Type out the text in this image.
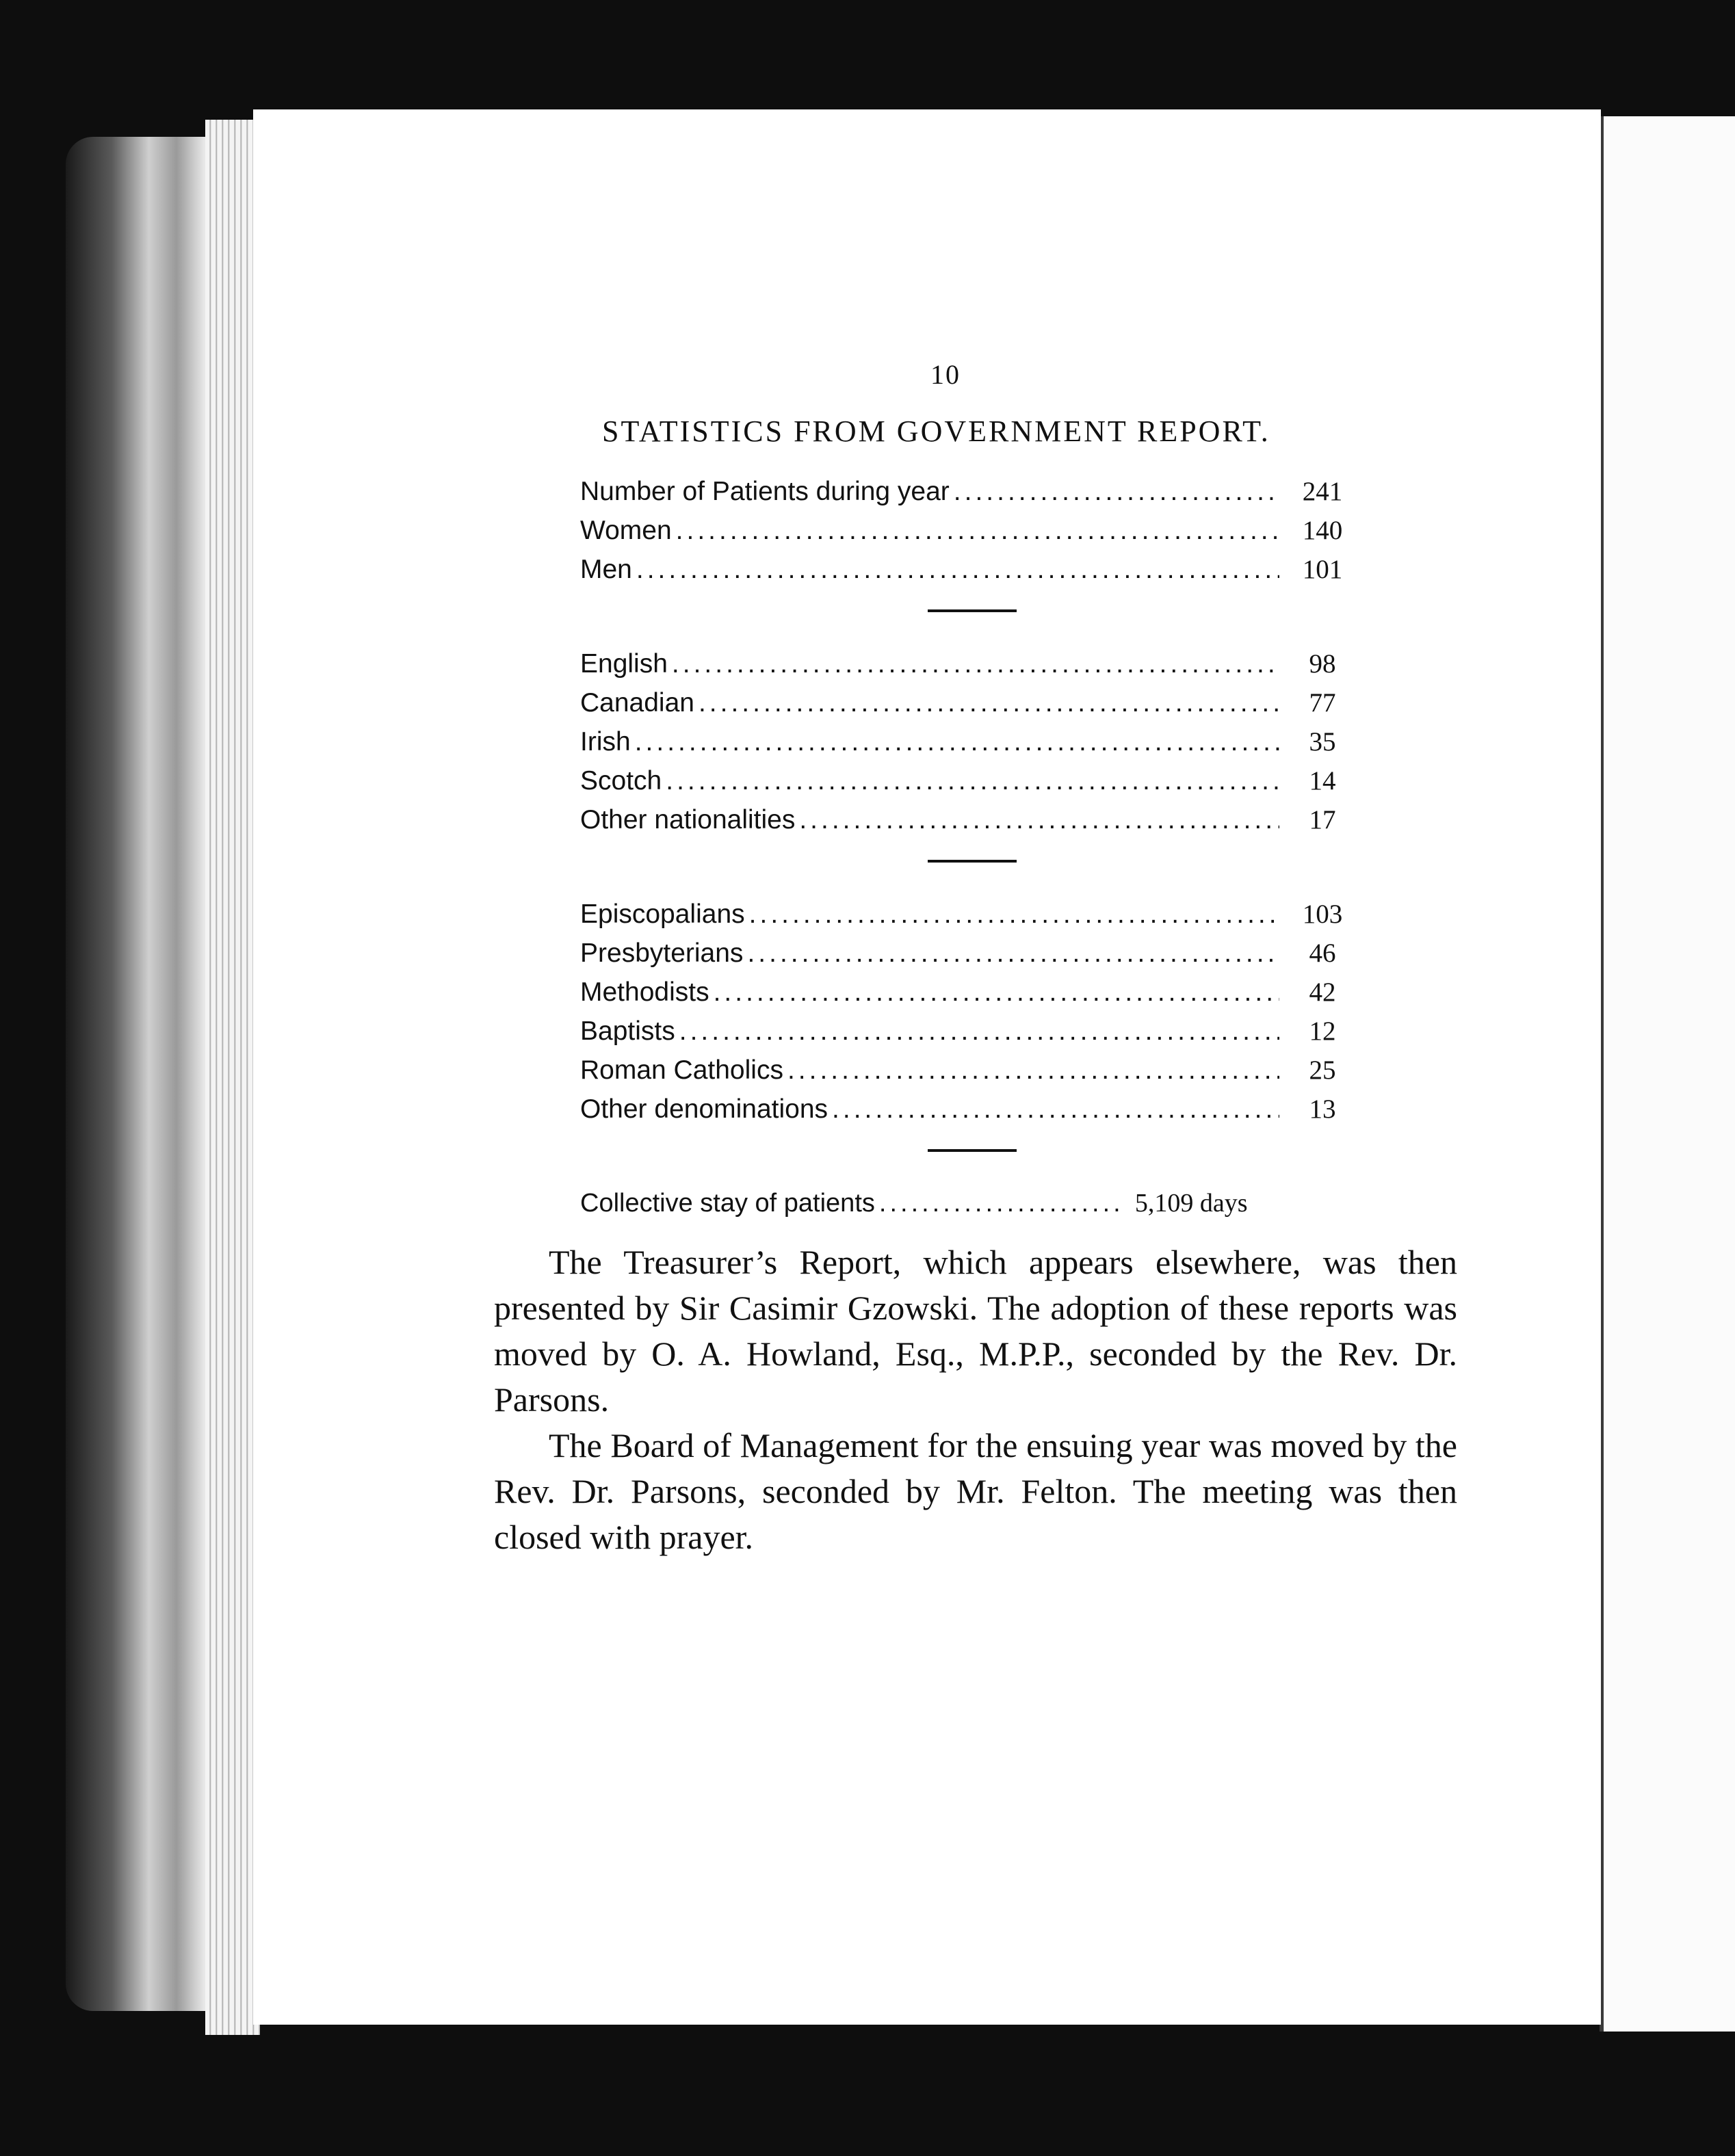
10
STATISTICS FROM GOVERNMENT REPORT.
Number of Patients during year .....	241
Women .....	140
Men .....	101
English .....	98
Canadian .....	77
Irish .....	35
Scotch .....	14
Other nationalities .....	17
Episcopalians .....	103
Presbyterians .....	46
Methodists .....	42
Baptists .....	12
Roman Catholics .....	25
Other denominations .....	13
Collective stay of patients .....	5,109 days

The Treasurer’s Report, which appears elsewhere, was then presented by Sir Casimir Gzowski. The adoption of these reports was moved by O. A. Howland, Esq., M.P.P., seconded by the Rev. Dr. Parsons.

The Board of Management for the ensuing year was moved by the Rev. Dr. Parsons, seconded by Mr. Felton. The meeting was then closed with prayer.
